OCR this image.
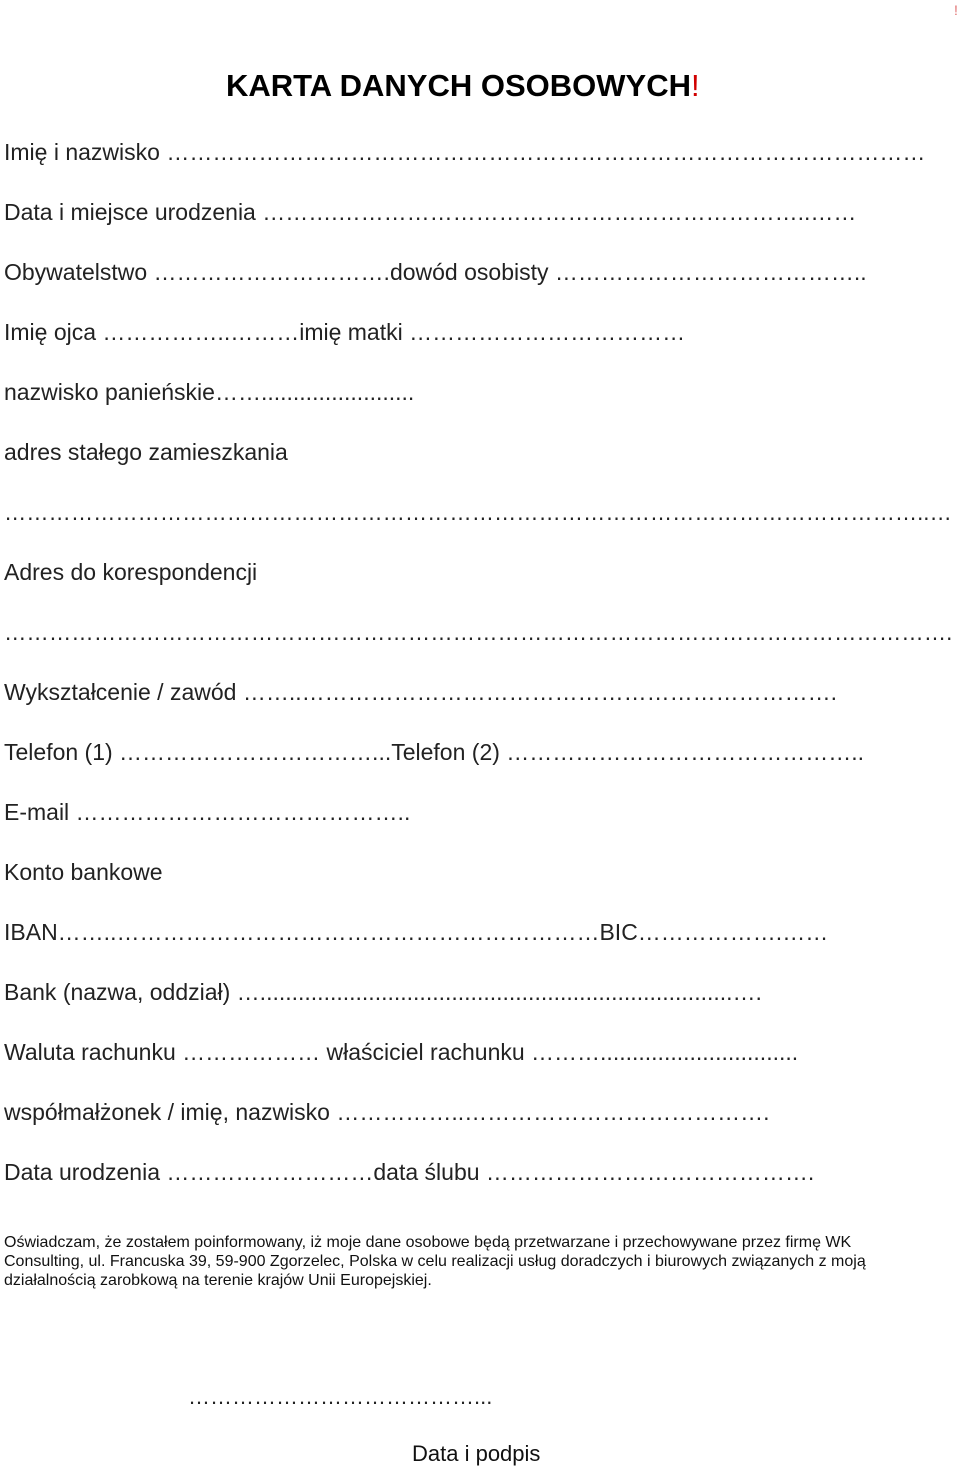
!
KARTA DANYCH OSOBOWYCH!
Imię i nazwisko ………………………………………………………………………………………
Data i miejsce urodzenia ……….……………………………………………………..……
Obywatelstwo ………………………….dowód osobisty …………………………………..
Imię ojca ……………..………imię matki ………………………………
nazwisko panieńskie……........................
adres stałego zamieszkania
……………………………………………………………………………………………………………..…
Adres do korespondencji
……………………………………………………………………………………………………………….
Wykształcenie / zawód ……..…………………………………………………………….
Telefon (1) ……………………………...Telefon (2) ………………………………………..
E-mail ……………………………………..
Konto bankowe
IBAN……..………………………………………………………BIC……………….……
Bank (nazwa, oddział) …..........................................................................….
Waluta rachunku ……………… właściciel rachunku ………...............................
współmałżonek / imię, nazwisko ……………..………………………………….
Data urodzenia ………………………data ślubu …………………………………….
Oświadczam, że zostałem poinformowany, iż moje dane osobowe będą przetwarzane i przechowywane przez firmę WK Consulting, ul. Francuska 39, 59-900 Zgorzelec, Polska w celu realizacji usług doradczych i biurowych związanych z moją działalnością zarobkową na terenie krajów Unii Europejskiej.
…………………………………...
Data i podpis
